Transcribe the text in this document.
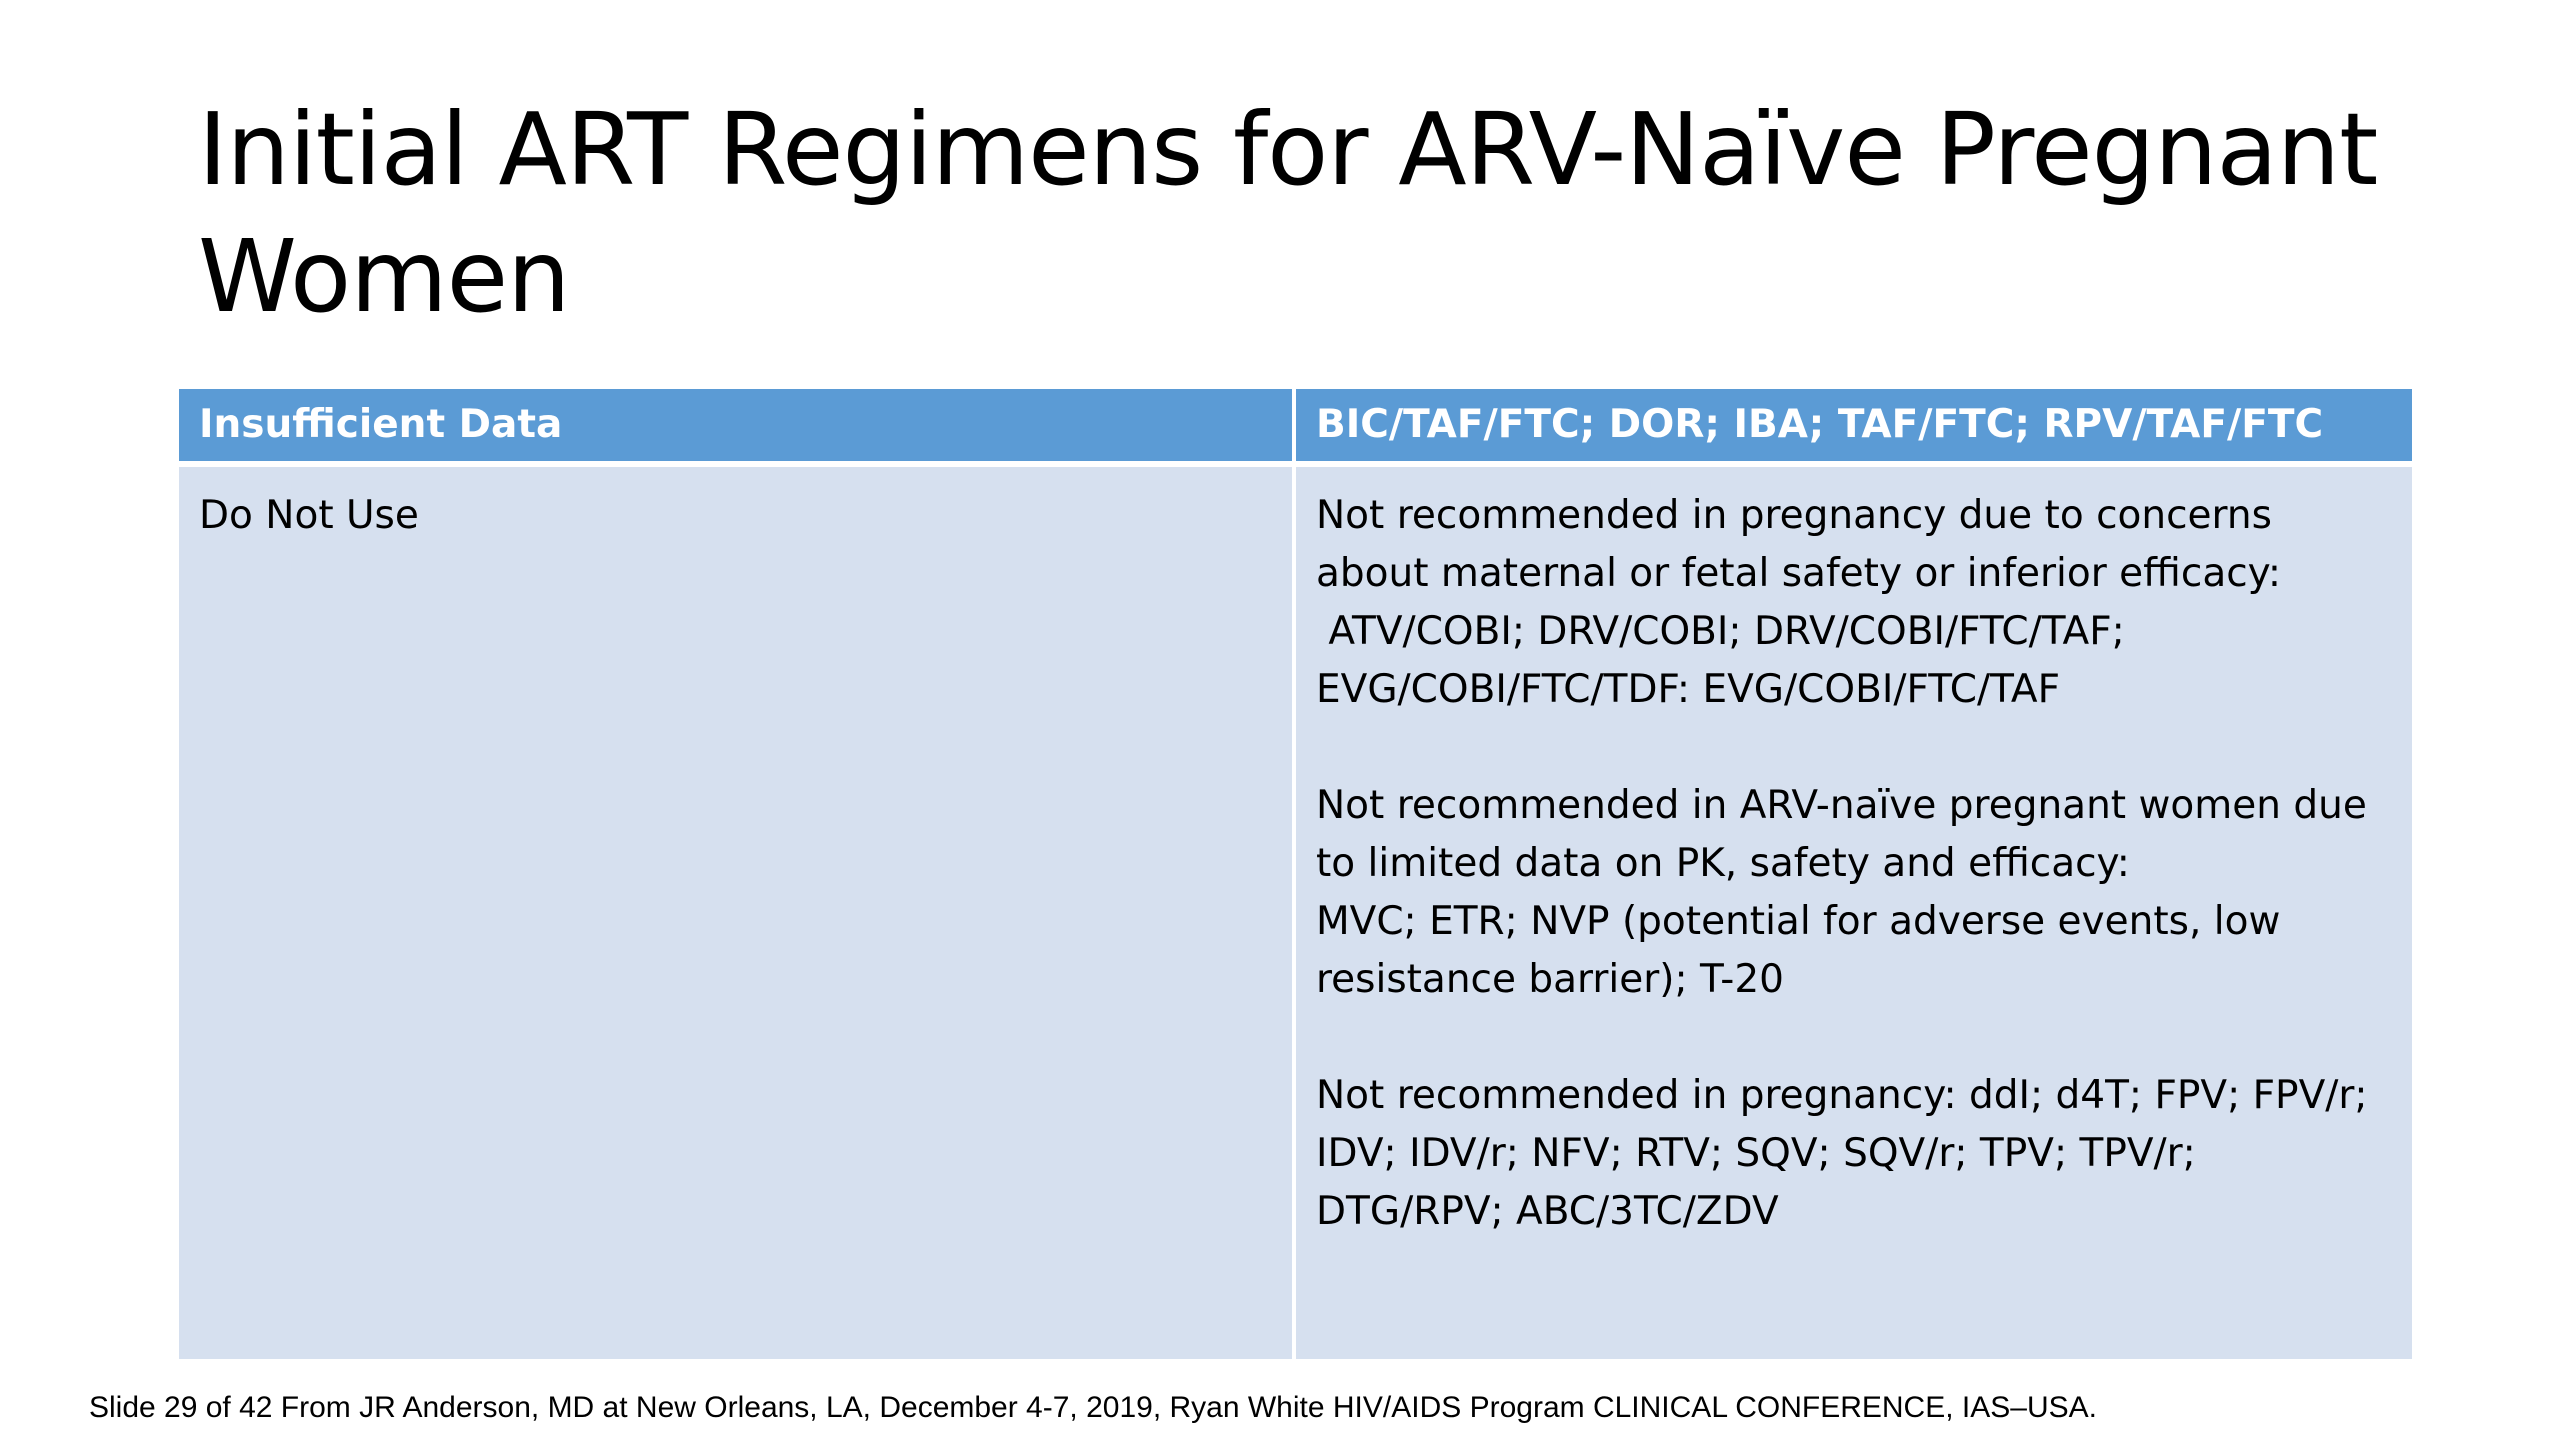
Initial ART Regimens for ARV-Naïve Pregnant
Women
Insufficient Data	BIC/TAF/FTC; DOR; IBA; TAF/FTC; RPV/TAF/FTC
Do Not Use	Not recommended in pregnancy due to concerns
about maternal or fetal safety or inferior efficacy:
ATV/COBI; DRV/COBI; DRV/COBI/FTC/TAF;
EVG/COBI/FTC/TDF: EVG/COBI/FTC/TAF

Not recommended in ARV-naïve pregnant women due
to limited data on PK, safety and efficacy:
MVC; ETR; NVP (potential for adverse events, low
resistance barrier); T-20

Not recommended in pregnancy: ddI; d4T; FPV; FPV/r;
IDV; IDV/r; NFV; RTV; SQV; SQV/r; TPV; TPV/r;
DTG/RPV; ABC/3TC/ZDV

Slide 29 of 42 From JR Anderson, MD at New Orleans, LA, December 4-7, 2019, Ryan White HIV/AIDS Program CLINICAL CONFERENCE, IAS–USA.
